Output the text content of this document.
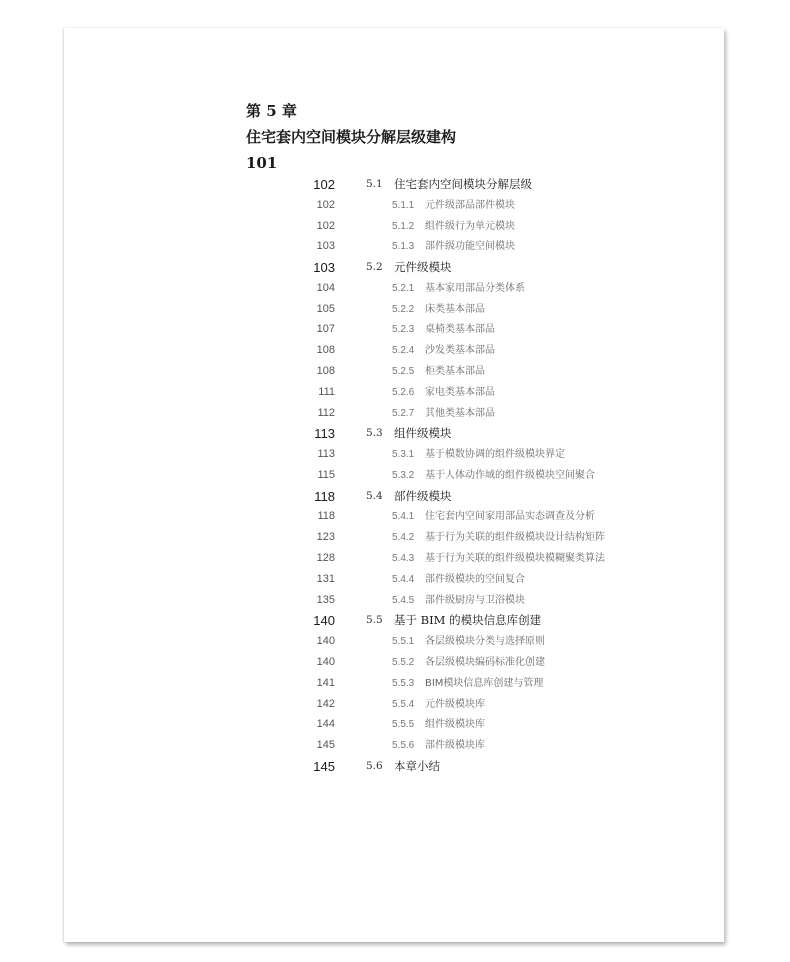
第 5 章
住宅套内空间模块分解层级建构
101
102	5.1 住宅套内空间模块分解层级
102	5.1.1 元件级部品部件模块
102	5.1.2 组件级行为单元模块
103	5.1.3 部件级功能空间模块
103	5.2 元件级模块
104	5.2.1 基本家用部品分类体系
105	5.2.2 床类基本部品
107	5.2.3 桌椅类基本部品
108	5.2.4 沙发类基本部品
108	5.2.5 柜类基本部品
111	5.2.6 家电类基本部品
112	5.2.7 其他类基本部品
113	5.3 组件级模块
113	5.3.1 基于模数协调的组件级模块界定
115	5.3.2 基于人体动作域的组件级模块空间聚合
118	5.4 部件级模块
118	5.4.1 住宅套内空间家用部品实态调查及分析
123	5.4.2 基于行为关联的组件级模块设计结构矩阵
128	5.4.3 基于行为关联的组件级模块模糊聚类算法
131	5.4.4 部件级模块的空间复合
135	5.4.5 部件级厨房与卫浴模块
140	5.5 基于 BIM 的模块信息库创建
140	5.5.1 各层级模块分类与选择原则
140	5.5.2 各层级模块编码标准化创建
141	5.5.3 BIM模块信息库创建与管理
142	5.5.4 元件级模块库
144	5.5.5 组件级模块库
145	5.5.6 部件级模块库
145	5.6 本章小结
